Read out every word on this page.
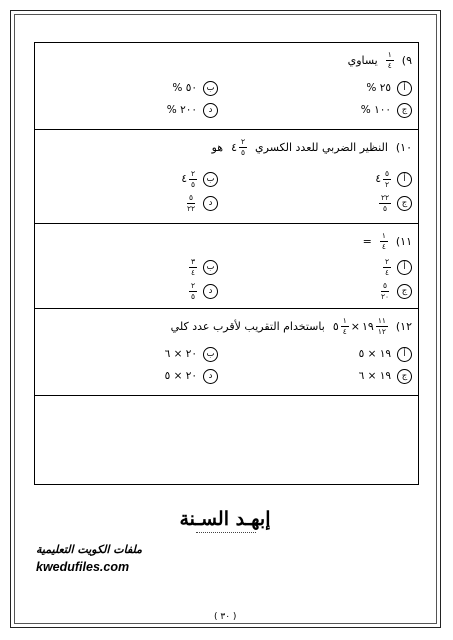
٩)
$\frac{١}{٤}$
يساوي
أ
٢٥ %
ب
٥٠ %
ج
١٠٠ %
د
٢٠٠ %
١٠)
النظير الضربي للعدد الكسري
٤ $\frac{٢}{٥}$
هو
أ
٤ $\frac{٥}{٢}$
ب
٤ $\frac{٢}{٥}$
ج
$\frac{٢٢}{٥}$
د
$\frac{٥}{٢٢}$
١١)
$\frac{١}{٤}$
=
أ
$\frac{٢}{٤}$
ب
$\frac{٣}{٤}$
ج
$\frac{٥}{٢٠}$
د
$\frac{٢}{٥}$
١٢)
٥ $\frac{١}{٤}$ × ١٩ $\frac{١١}{١٢}$
باستخدام التقريب لأقرب عدد كلي
أ
١٩ × ٥
ب
٢٠ × ٦
ج
١٩ × ٦
د
٢٠ × ٥
إبهـد السـنة
ملفات الكويت التعليمية
kwedufiles.com
( ٣٠ )
